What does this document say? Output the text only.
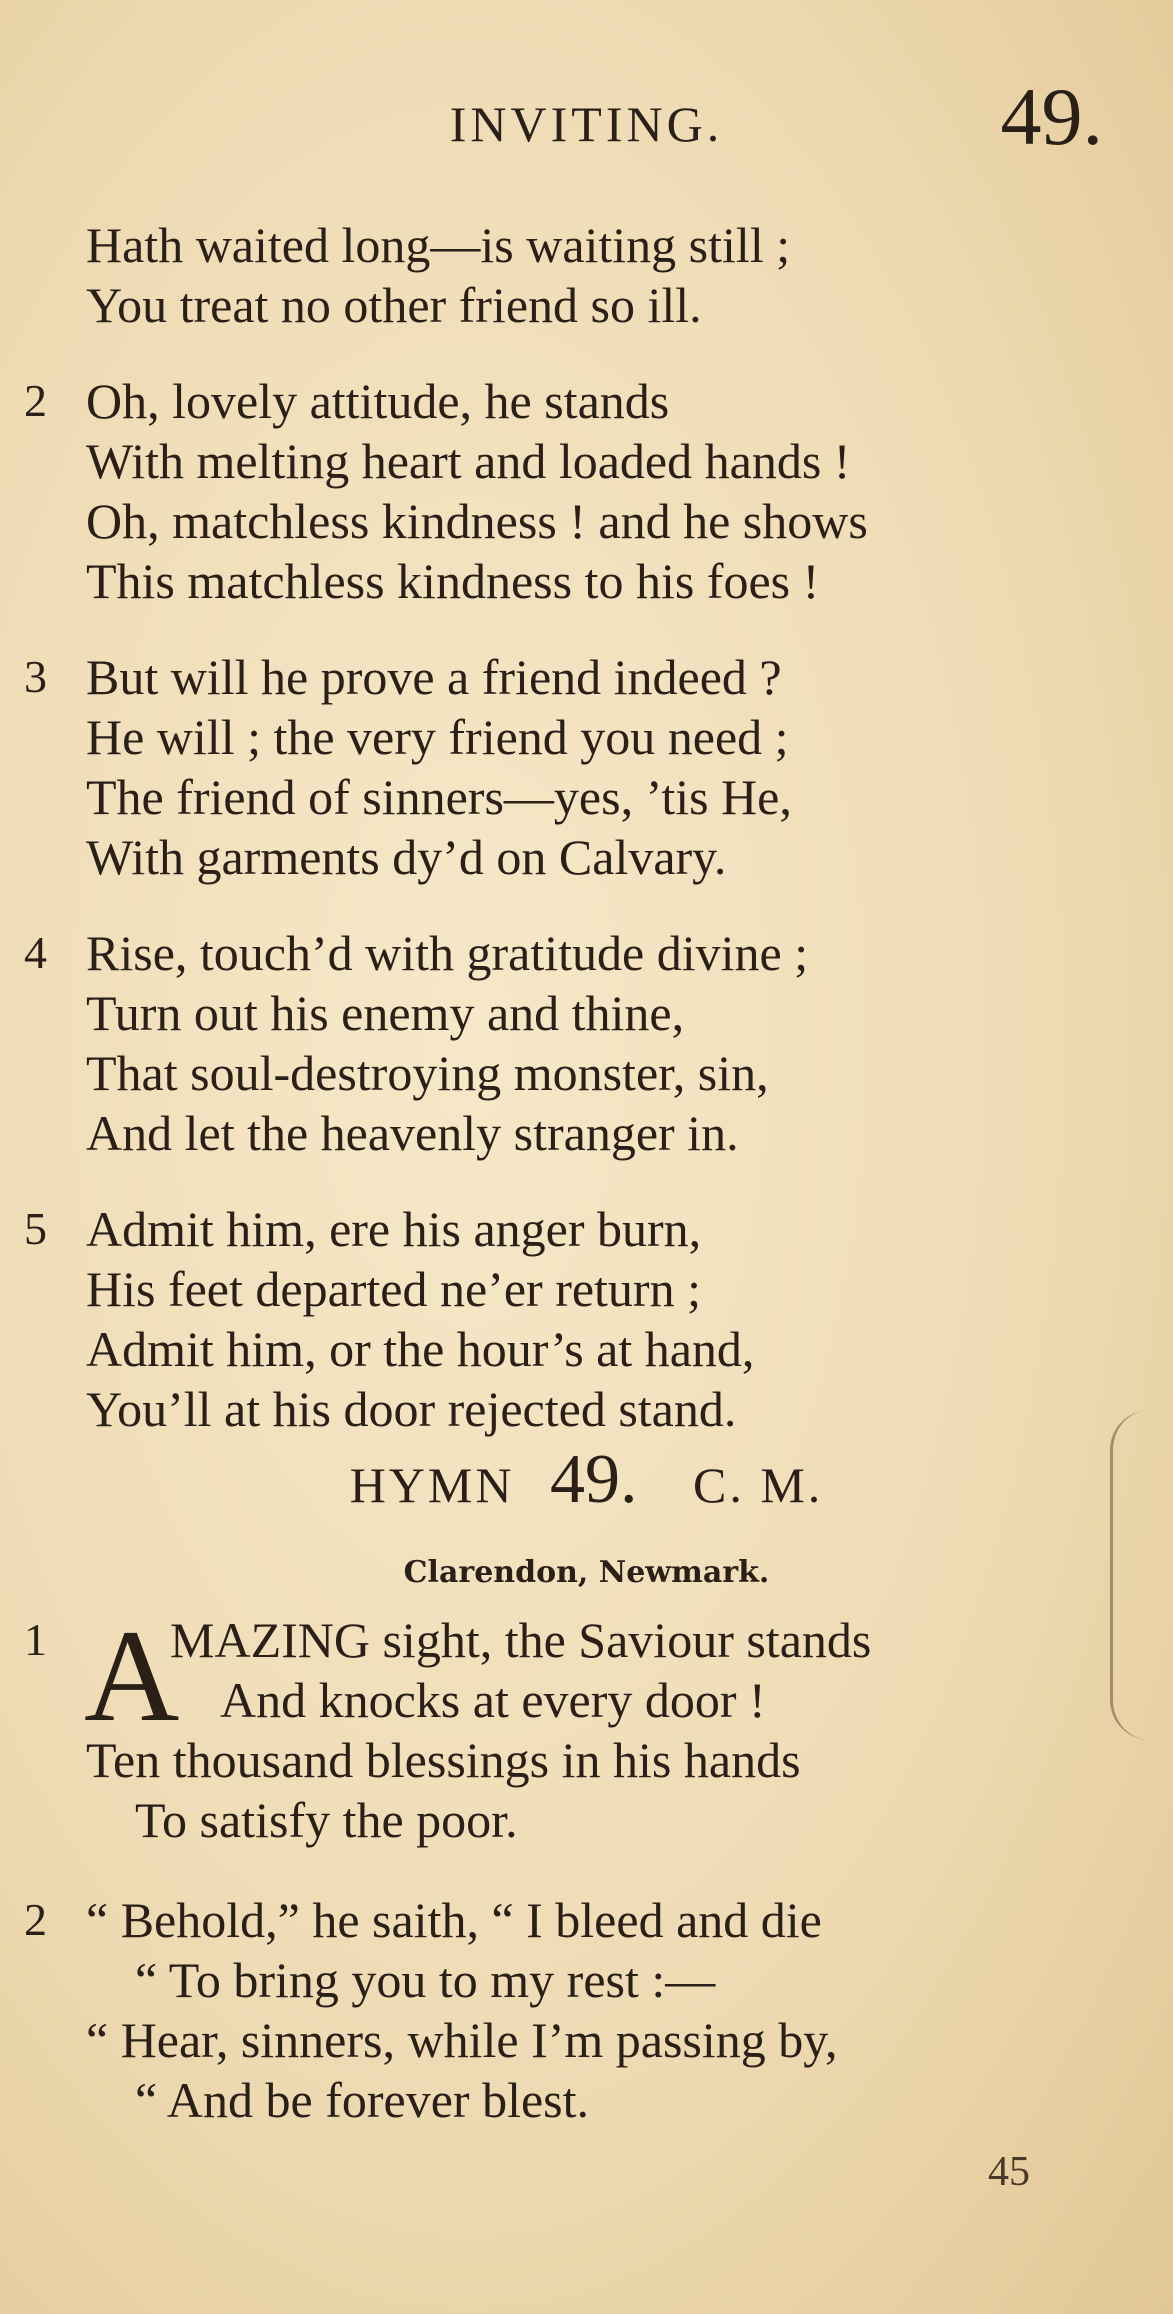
INVITING.	49.
Hath waited long—is waiting still ;
You treat no other friend so ill.
2 Oh, lovely attitude, he stands
With melting heart and loaded hands !
Oh, matchless kindness ! and he shows
This matchless kindness to his foes !
3 But will he prove a friend indeed ?
He will ; the very friend you need ;
The friend of sinners—yes, ’tis He,
With garments dy’d on Calvary.
4 Rise, touch’d with gratitude divine ;
Turn out his enemy and thine,
That soul-destroying monster, sin,
And let the heavenly stranger in.
5 Admit him, ere his anger burn,
His feet departed ne’er return ;
Admit him, or the hour’s at hand,
You’ll at his door rejected stand.
HYMN 49. C. M.
Clarendon, Newmark.
1 A
MAZING sight, the Saviour stands
And knocks at every door !
Ten thousand blessings in his hands
To satisfy the poor.
2 “ Behold,” he saith, “ I bleed and die
“ To bring you to my rest :—
“ Hear, sinners, while I’m passing by,
“ And be forever blest.
45
